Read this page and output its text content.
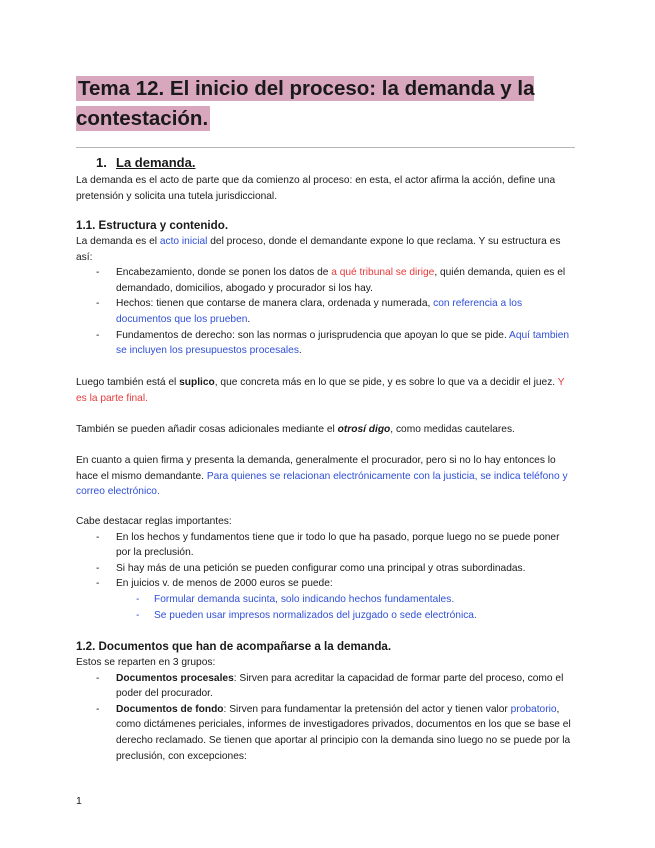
Tema 12. El inicio del proceso: la demanda y la contestación.
1. La demanda.

La demanda es el acto de parte que da comienzo al proceso: en esta, el actor afirma la acción, define una pretensión y solicita una tutela jurisdiccional.

1.1. Estructura y contenido.

La demanda es el acto inicial del proceso, donde el demandante expone lo que reclama. Y su estructura es así:

- Encabezamiento, donde se ponen los datos de a qué tribunal se dirige, quién demanda, quien es el demandado, domicilios, abogado y procurador si los hay.
- Hechos: tienen que contarse de manera clara, ordenada y numerada, con referencia a los documentos que los prueben.
- Fundamentos de derecho: son las normas o jurisprudencia que apoyan lo que se pide. Aquí tambien se incluyen los presupuestos procesales.

Luego también está el suplico, que concreta más en lo que se pide, y es sobre lo que va a decidir el juez. Y es la parte final.

También se pueden añadir cosas adicionales mediante el otrosí digo, como medidas cautelares.

En cuanto a quien firma y presenta la demanda, generalmente el procurador, pero si no lo hay entonces lo hace el mismo demandante. Para quienes se relacionan electrónicamente con la justicia, se indica teléfono y correo electrónico.

Cabe destacar reglas importantes:

- En los hechos y fundamentos tiene que ir todo lo que ha pasado, porque luego no se puede poner por la preclusión.
- Si hay más de una petición se pueden configurar como una principal y otras subordinadas.
- En juicios v. de menos de 2000 euros se puede:
- Formular demanda sucinta, solo indicando hechos fundamentales.
- Se pueden usar impresos normalizados del juzgado o sede electrónica.
1.2. Documentos que han de acompañarse a la demanda.

Estos se reparten en 3 grupos:

- Documentos procesales: Sirven para acreditar la capacidad de formar parte del proceso, como el poder del procurador.
- Documentos de fondo: Sirven para fundamentar la pretensión del actor y tienen valor probatorio, como dictámenes periciales, informes de investigadores privados, documentos en los que se base el derecho reclamado. Se tienen que aportar al principio con la demanda sino luego no se puede por la preclusión, con excepciones:
1
